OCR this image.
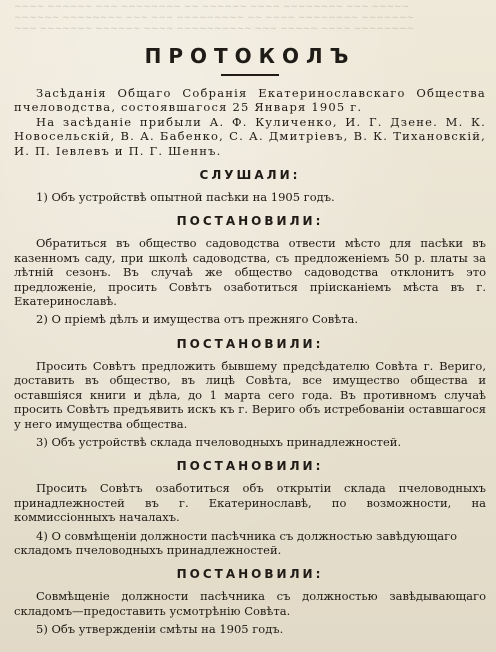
~~~~ ~~~~~~ ~~~ ~~~~~~~~ ~~ ~~~~~~ ~~~~ ~~~~~~~~ ~~~ ~~~~~
~~~~~~ ~~~~~~~~ ~~~ ~~~ ~~~~~~~~~ ~~ ~~~~ ~~~~~~~~ ~~~~~~~
~~~ ~~~~~~~ ~~~~~~ ~~~~ ~~~~~~~~~~ ~~~ ~~~~~ ~~~~ ~~~~~~~~
ПРОТОКОЛЪ

Засѣданія Общаго Собранія Екатеринославскаго Общества пчеловодства, состоявшагося 25 Января 1905 г.

На засѣданіе прибыли А. Ф. Куличенко, И. Г. Дзене. М. К. Новосельскій, В. А. Бабенко, С. А. Дмитріевъ, В. К. Тихановскій, И. П. Іевлевъ и П. Г. Шеннъ.

СЛУШАЛИ:

1) Объ устройствѣ опытной пасѣки на 1905 годъ.

ПОСТАНОВИЛИ:

Обратиться въ общество садоводства отвести мѣсто для пасѣки въ казенномъ саду, при школѣ садоводства, съ предложеніемъ 50 р. платы за лѣтній сезонъ. Въ случаѣ же общество садоводства отклонитъ это предложеніе, просить Совѣтъ озаботиться пріисканіемъ мѣста въ г. Екатеринославѣ.

2) О пріемѣ дѣлъ и имущества отъ прежняго Совѣта.

ПОСТАНОВИЛИ:

Просить Совѣтъ предложить бывшему предсѣдателю Совѣта г. Вериго, доставить въ общество, въ лицѣ Совѣта, все имущество общества и оставшіяся книги и дѣла, до 1 марта сего года. Въ противномъ случаѣ просить Совѣтъ предъявить искъ къ г. Вериго объ истребованіи оставшагося у него имущества общества.

3) Объ устройствѣ склада пчеловодныхъ принадлежностей.

ПОСТАНОВИЛИ:

Просить Совѣтъ озаботиться объ открытіи склада пчеловодныхъ принадлежностей въ г. Екатеринославѣ, по возможности, на коммиссіонныхъ началахъ.

4) О совмѣщеніи должности пасѣчника съ должностью завѣдующаго складомъ пчеловодныхъ принадлежностей.

ПОСТАНОВИЛИ:

Совмѣщеніе должности пасѣчника съ должностью завѣдывающаго складомъ—предоставить усмотрѣнію Совѣта.

5) Объ утвержденіи смѣты на 1905 годъ.
